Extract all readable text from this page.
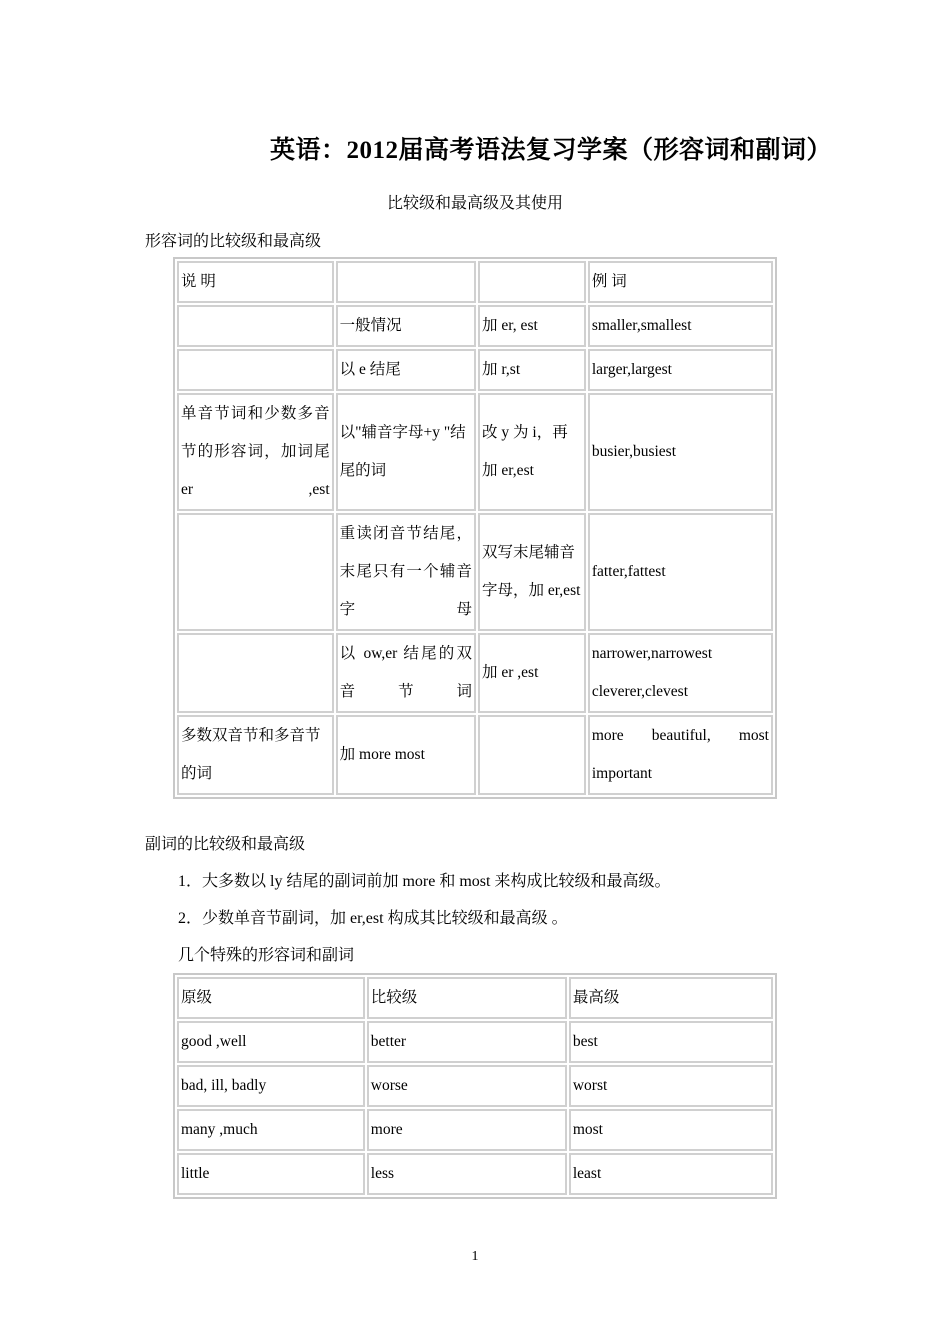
英语：2012届高考语法复习学案（形容词和副词）
比较级和最高级及其使用
形容词的比较级和最高级
说 明			例 词
	一般情况	加 er, est	smaller,smallest
	以 e 结尾	加 r,st	larger,largest
单音节词和少数多音节的形容词，加词尾 er ,est	以"辅音字母+y "结尾的词	改 y 为 i，再加 er,est	busier,busiest
	重读闭音节结尾，末尾只有一个辅音字母	双写末尾辅音字母，加 er,est	fatter,fattest
	以 ow,er 结尾的双音节词	加 er ,est	narrower,narrowest cleverer,clevest
多数双音节和多音节的词	加 more most		more beautiful, most important
副词的比较级和最高级
1．大多数以 ly 结尾的副词前加 more 和 most 来构成比较级和最高级。
2．少数单音节副词，加 er,est 构成其比较级和最高级 。
几个特殊的形容词和副词
原级	比较级	最高级
good ,well	better	best
bad, ill, badly	worse	worst
many ,much	more	most
little	less	least
1
